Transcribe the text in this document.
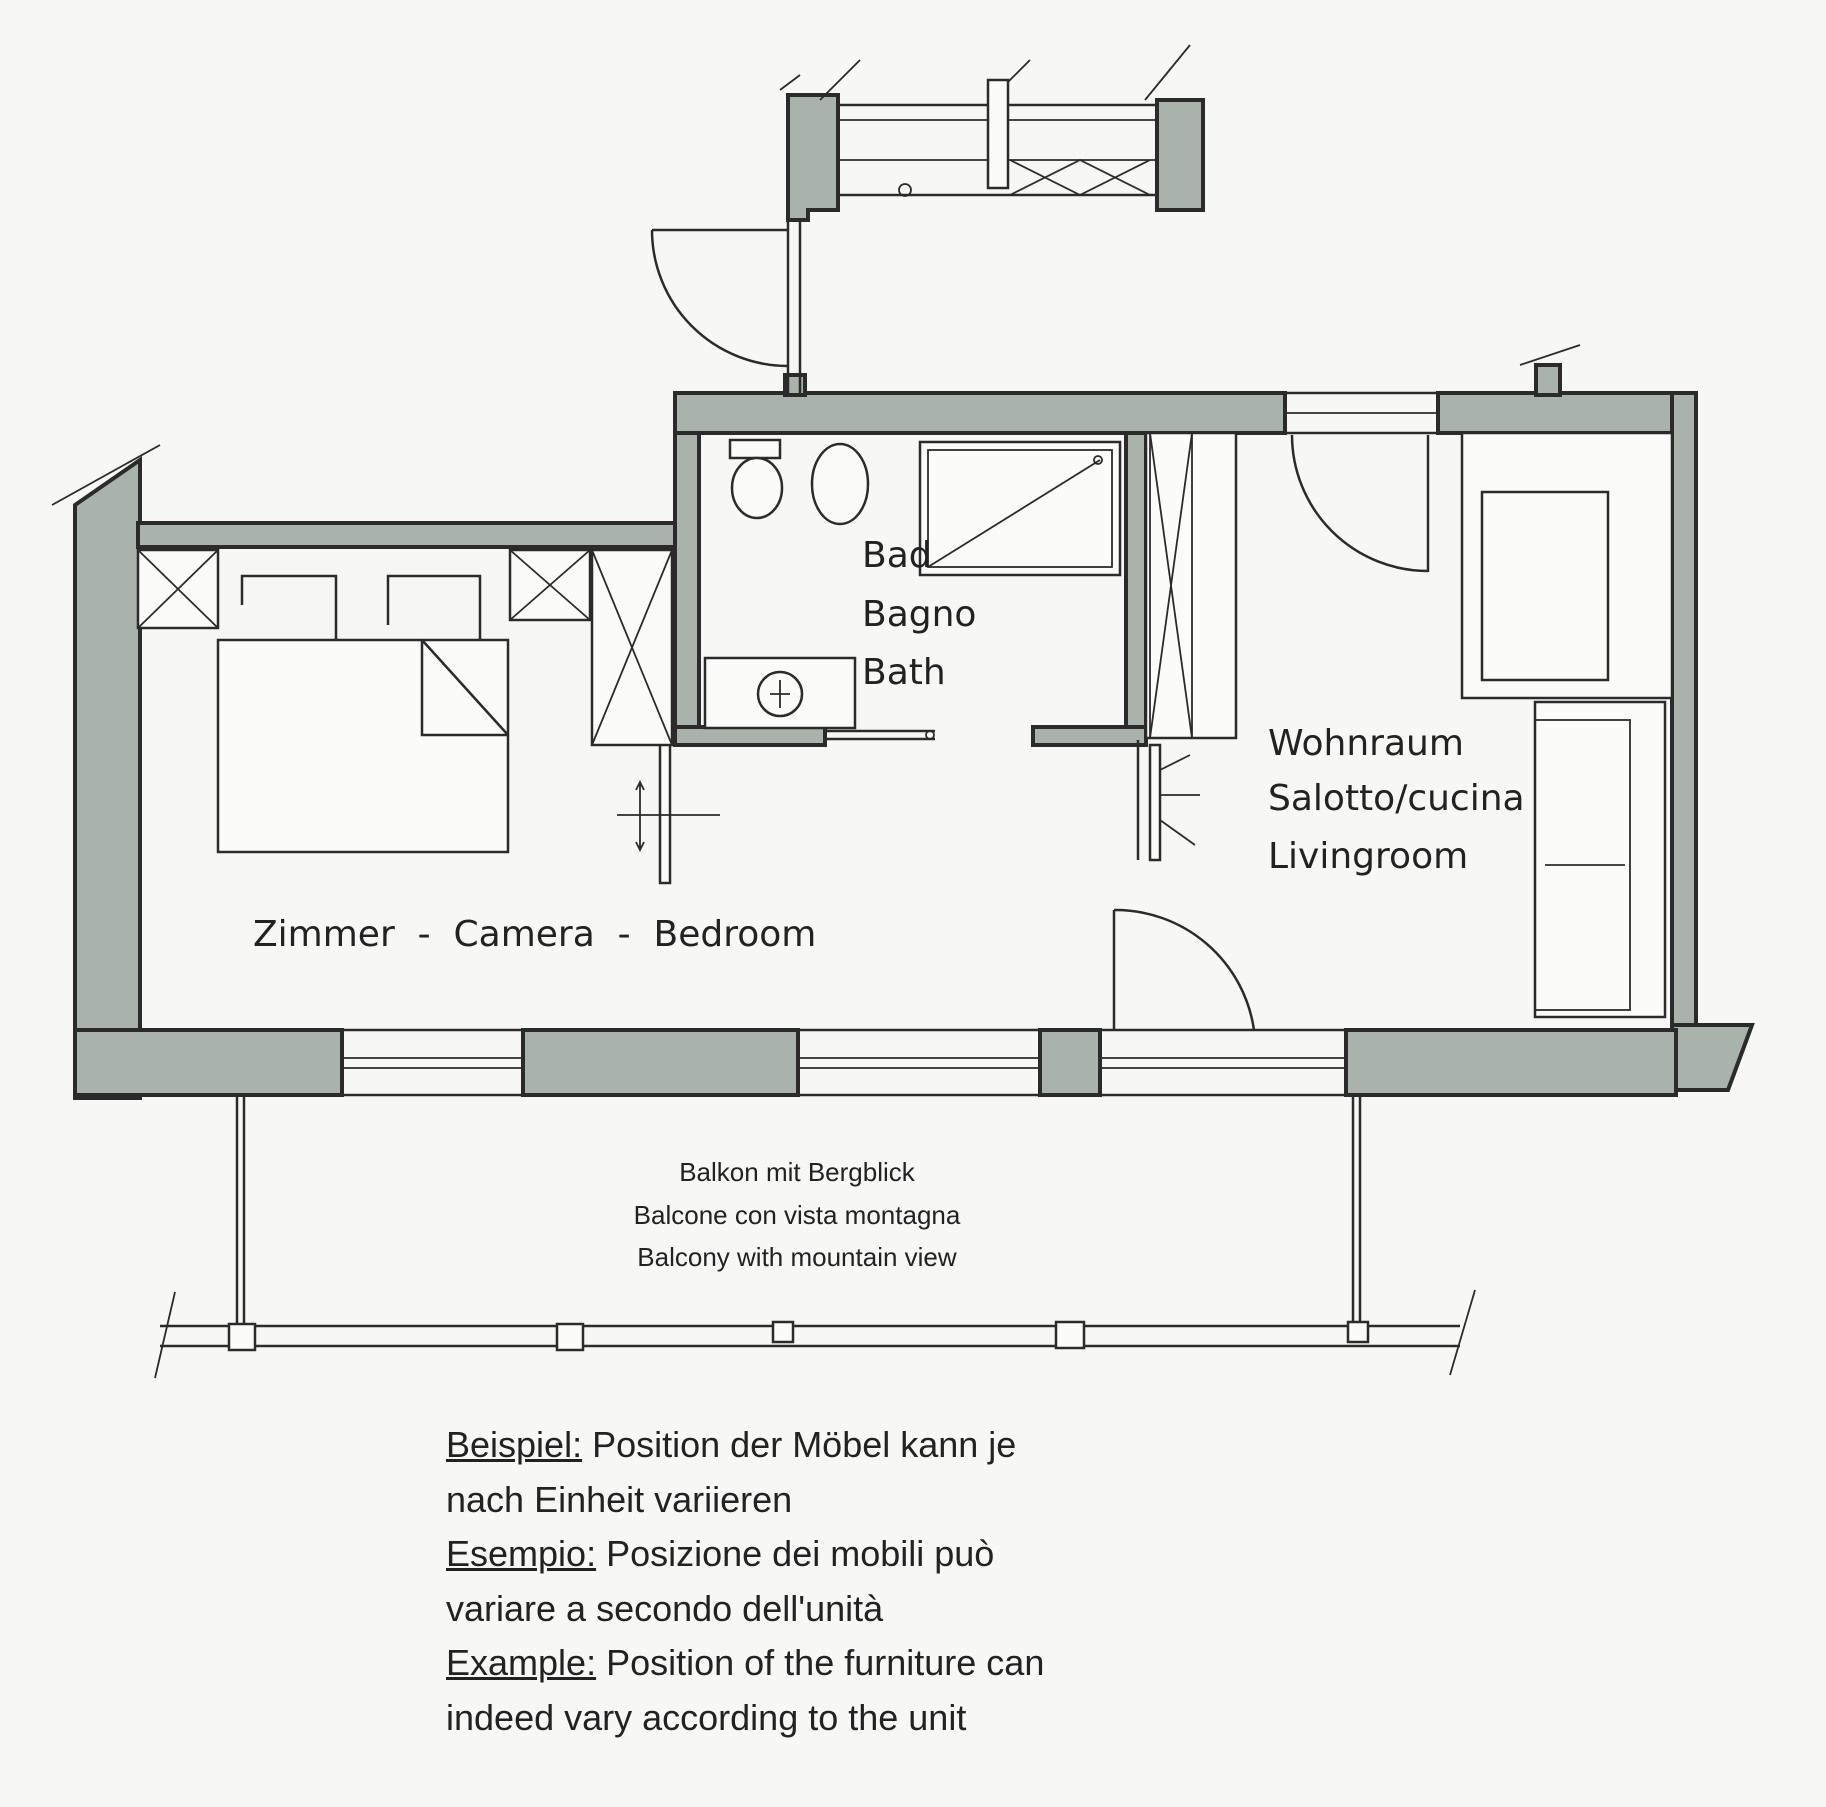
Bad
Bagno
Bath
Wohnraum
Salotto/cucina
Livingroom
Zimmer  -  Camera  -  Bedroom
Balkon mit Bergblick
Balcone con vista montagna
Balcony with mountain view
Beispiel: Position der Möbel kann je
nach Einheit variieren
Esempio: Posizione dei mobili può
variare a secondo dell'unità
Example: Position of the furniture can
indeed vary according to the unit
